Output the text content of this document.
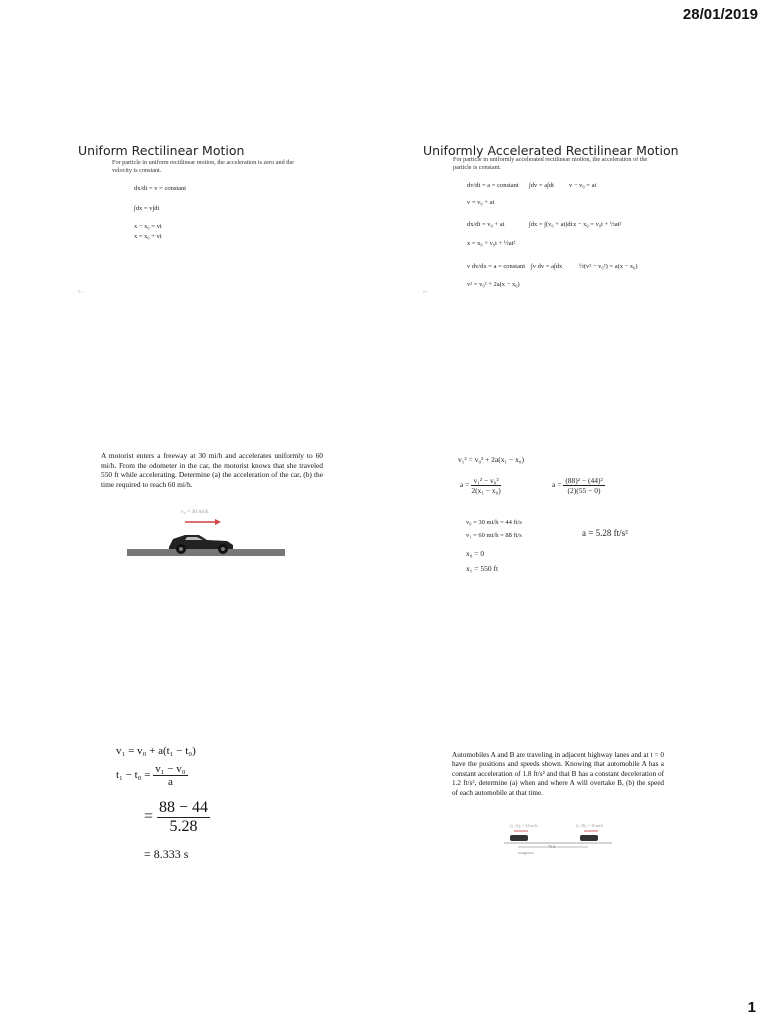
28/01/2019
1
Uniform Rectilinear Motion
For particle in uniform rectilinear motion, the acceleration is zero and the velocity is constant.
dx/dt = v = constant
∫dx = v∫dt
x − x₀ = vt
x = x₀ + vt
ᴵᴵ ˢ
Uniformly Accelerated Rectilinear Motion
For particle in uniformly accelerated rectilinear motion, the acceleration of the particle is constant.
dv/dt = a = constant ∫dv = a∫dt v − v₀ = at
v = v₀ + at
dx/dt = v₀ + at	∫dx = ∫(v₀ + at)dt x − x₀ = v₀t + ½at²
x = x₀ + v₀t + ½at²
v dv/dx = a = constant ∫v dv = a∫dx	½(v² − v₀²) = a(x − x₀)
v² = v₀² + 2a(x − x₀)
ᴵᴵ ˢ
A motorist enters a freeway at 30 mi/h and accelerates uniformly to 60 mi/h. From the odometer in the car, the motorist knows that she traveled 550 ft while accelerating. Determine (a) the acceleration of the car, (b) the time required to reach 60 mi/h.
v₀ = 30 mi/h
v₁² = v₀² + 2a(x₁ − x₀)
$a = \frac{\text{v₁² − v₀²}}{\text{2(x₁ − x₀)}}$	$a = \frac{\text{(88)² − (44)²}}{(2)(55 - 0)}$
v₀ = 30 mi/h = 44 ft/s
v₁ = 60 mi/h = 88 ft/s	a = 5.28 ft/s²
x₀ = 0
x₁ = 550 ft
v₁ = v₀ + a(t₁ − t₀)
$t_1 - t_0 = \frac{\text{v₁ − v₀}}{a}$
= $\frac{88 - 44}{5.28}$
= 8.333 s
Automobiles A and B are traveling in adjacent highway lanes and at t = 0 have the positions and speeds shown. Knowing that automobile A has a constant acceleration of 1.8 ft/s² and that B has a constant deceleration of 1.2 ft/s², determine (a) when and where A will overtake B, (b) the speed of each automobile at that time.
(v_A)₀ = 24 mi/h	(v_B)₀ = 36 mi/h
75 ft
x
